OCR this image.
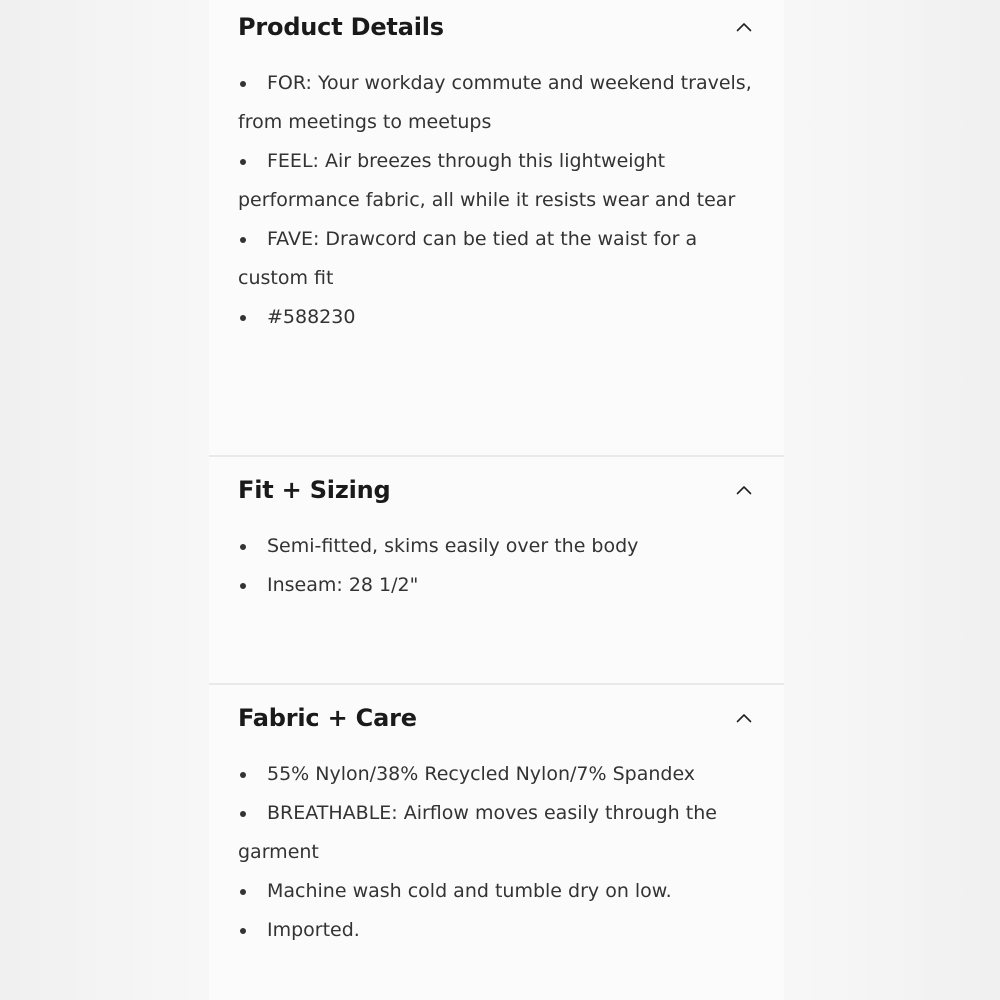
Product Details
FOR: Your workday commute and weekend travels, from meetings to meetups
FEEL: Air breezes through this lightweight performance fabric, all while it resists wear and tear
FAVE: Drawcord can be tied at the waist for a custom fit
#588230
Fit + Sizing
Semi-fitted, skims easily over the body
Inseam: 28 1/2"
Fabric + Care
55% Nylon/38% Recycled Nylon/7% Spandex
BREATHABLE: Airflow moves easily through the garment
Machine wash cold and tumble dry on low.
Imported.
